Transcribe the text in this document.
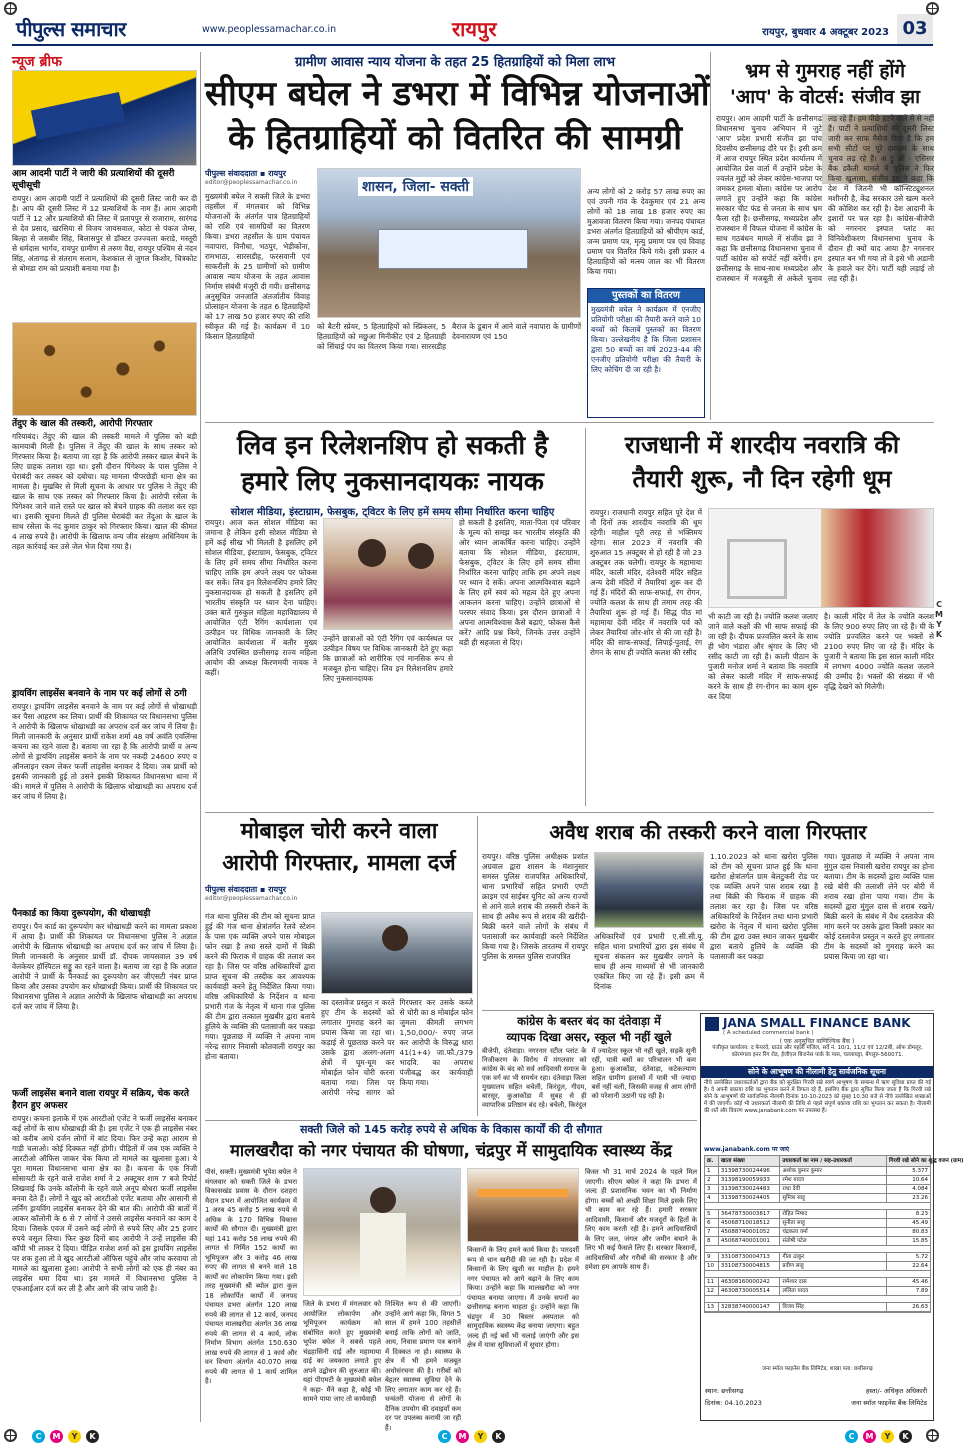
पीपुल्स समाचार	www.peoplessamachar.co.in	रायपुर	रायपुर, बुधवार 4 अक्टूबर 2023 03
न्यूज ब्रीफ
आम आदमी पार्टी ने जारी की प्रत्याशियों की दूसरी सूचीसूची
रायपुर। आम आदमी पार्टी ने प्रत्याशियों की दूसरी लिस्ट जारी कर दी है। आप की दूसरी लिस्ट में 12 प्रत्याशियों के नाम हैं। आम आदमी पार्टी ने 12 और प्रत्याशियों की लिस्ट में प्रतापपुर से राजाराम, सारंगढ़ से देव प्रसाद, खरसिया से विजय जायसवाल, कोटा से पंकज जेम्स, बिल्हा से जसबीर सिंह, बिलासपुर से डॉक्टर उज्ज्वला कराड़े, मस्तूरी से धर्मदास भार्गव, रायपुर ग्रामीण से तरुण वैद्य, रायपुर पश्चिम से नंदन सिंह, अंतागढ़ से संतराम सलाम, केशकाल से जुगल किशोर, चित्रकोट से बोमडा राम को प्रत्याशी बनाया गया है।
तेंदुए के खाल की तस्करी, आरोपी गिरफ्तार
गरियाबंद। तेंदुए की खाल की तस्करी मामले में पुलिस को बड़ी कामयाबी मिली है। पुलिस ने तेंदुए की खाल के साथ तस्कर को गिरफ्तार किया है। बताया जा रहा है कि आरोपी तस्कर खाल बेचने के लिए ग्राहक तलाश रहा था। इसी दौरान पिंगेश्वर के पास पुलिस ने घेराबंदी कर तस्कर को दबोचा। यह मामला पीपरछेड़ी थाना क्षेत्र का मामला है। मुखबिर से मिली सूचना के आधार पर पुलिस ने तेंदुए की खाल के साथ एक तस्कर को गिरफ्तार किया है। आरोपी रसेला के पिंगेश्वर जाने वाले रास्ते पर खाल को बेचने ग्राहक की तलाश कर रहा था। इसकी सूचना मिलते ही पुलिस घेराबंदी कर तेंदुआ के खाल के साथ रसेला के नंद कुमार ठाकुर को गिरफ्तार किया। खाल की कीमत 4 लाख रुपये है। आरोपी के खिलाफ वन्य जीव संरक्षण अधिनियम के तहत कार्रवाई कर उसे जेल भेज दिया गया है।
ड्रायविंग लाइसेंस बनवाने के नाम पर कई लोगों से ठगी
रायपुर। ड्रायविंग लाइसेंस बनवाने के नाम पर कई लोगों से धोखाधड़ी कर पैसा आहरण कर लिया। प्रार्थी की शिकायत पर विधानसभा पुलिस ने आरोपी के खिलाफ धोखाधड़ी का अपराध दर्ज कर जांच में लिया है। मिली जानकारी के अनुसार प्रार्थी राकेश शर्मा 48 वर्ष अवंति एवलिंग्स कचना का रहने वाला है। बताया जा रहा है कि आरोपी प्रार्थी व अन्य लोगों से ड्रायविंग लाइसेंस बनाने के नाम पर नकदी 24600 रुपए व ऑनलाइन रकम लेकर फर्जी लाइसेंस बनाकर दे दिया। जब प्रार्थी को इसकी जानकारी हुई तो उसने इसकी शिकायत विधानसभा थाना में की। मामले में पुलिस ने आरोपी के खिलाफ धोखाधड़ी का अपराध दर्ज कर जांच में लिया है।
पैनकार्ड का किया दुरूपयोग, की धोखाधड़ी
रायपुर। पैन कार्ड का दुरूपयोग कर धोखाधड़ी करने का मामला प्रकाश में आया है। प्रार्थी की शिकायत पर विधानसभा पुलिस ने अज्ञात आरोपी के खिलाफ धोखाधड़ी का अपराध दर्ज कर जांच में लिया है। मिली जानकारी के अनुसार प्रार्थी डॉ. दीपक जायसवाल 39 वर्ष वेलकेयर हॉस्पिटल सड्डू का रहने वाला है। बताया जा रहा है कि अज्ञात आरोपी ने प्रार्थी के पैनकार्ड का दुरूपयोग कर जीएसटी नंबर प्राप्त किया और उसका उपयोग कर धोखाधड़ी किया। प्रार्थी की शिकायत पर विधानसभा पुलिस ने अज्ञात आरोपी के खिलाफ धोखाधड़ी का अपराध दर्ज कर जांच में लिया है।
फर्जी लाइसेंस बनाने वाला रायपुर में सक्रिय, चेक करते हैरान हुए अफसर
रायपुर। कचना इलाके में एक आरटीओ एजेंट ने फर्जी लाइसेंस बनाकर कई लोगों के साथ धोखाधड़ी की है। इस एजेंट ने एक ही लाइसेंस नंबर को करीब आधे दर्जन लोगों में बांट दिया। फिर उन्हें कहा आराम से गाड़ी चलाओ। कोई दिक्कत नहीं होगी। पीड़ितों में जब एक व्यक्ति ने आरटीओ ऑफिस जाकर चेक किया तो मामले का खुलासा हुआ। ये पूरा मामला विधानसभा थाना क्षेत्र का है। कचना के एक निजी सोसायटी के रहने वाले राजेश शर्मा ने 2 अक्टूबर शाम 7 बजे रिपोर्ट लिखवाई कि उनके कॉलोनी के रहने वाले अनूप बोधरा फर्जी लाइसेंस बनवा देते हैं। लोगों ने खुद को आरटीओ एजेंट बताया और आसानी से लर्निंग ड्रायविंग लाइसेंस बनाकर देने की बात की। आरोपी की बातों में आकर कॉलोनी के 6 से 7 लोगों ने उससे लाइसेंस बनवाने का काम दे दिया। जिसके एवज में उसने कई लोगों से रुपये लिए और 25 हजार रुपये वसूल लिया। फिर कुछ दिनों बाद आरोपी ने उन्हें लाइसेंस की कॉपी भी लाकर दे दिया। पीड़ित राजेश शर्मा को इस ड्रायविंग लाइसेंस पर शक हुआ तो वे खुद आरटीओ ऑफिस पहुंचे और जांच करवाया तो मामले का खुलासा हुआ। आरोपी ने सभी लोगों को एक ही नंबर का लाइसेंस थमा दिया था। इस मामले में विधानसभा पुलिस ने एफआईआर दर्ज कर ली है और आगे की जांच जारी है।
ग्रामीण आवास न्याय योजना के तहत 25 हितग्राहियों को मिला लाभ
सीएम बघेल ने डभरा में विभिन्न योजनाओं
के हितग्राहियों को वितरित की सामग्री
पीपुल्स संवाददाता ▪ रायपुर
editor@peoplessamachar.co.in
मुख्यमंत्री बघेल ने सक्ती जिले के डभरा तहसील में मंगलवार को विभिन्न योजनाओं के अंतर्गत पात्र हितग्राहियों को राशि एवं सामग्रियों का वितरण किया। डभरा तहसील के ग्राम पंचायत नवापारा, विनौधा, भठपुर, भेड़ीकोना, रामभाठा, सारसडीह, फरसवानी एवं साकरौली के 25 ग्रामीणों को ग्रामीण आवास न्याय योजना के तहत आवास निर्माण संबंधी मंजूरी दी गयी। छत्तीसगढ़ अनुसूचित जनजाति अंतर्जातीय विवाह प्रोत्साहन योजना के तहत 6 हितग्राहियों को 17 लाख 50 हजार रुपए की राशि स्वीकृत की गई है। कार्यक्रम में 10 किसान हितग्राहियों
शासन, जिला- सक्ती
को बैटरी स्प्रेयर, 5 हितग्राहियों को स्प्रिंकलर, 5 हितग्राहियों को मछुआ मिनीकीट एवं 2 हितग्राही को सिंचाई पंप का वितरण किया गया। सारसडीह बैराज के डूबान में आने वाले नवापारा के ग्रामीणों देवनारायण एवं 150
अन्य लोगों को 2 करोड़ 57 लाख रुपए का एवं उपनी गांव के देवकुमार एवं 21 अन्य लोगों को 18 लाख 18 हजार रुपए का मुआवजा वितरण किया गया। जनपद पंचायत डभरा अंतर्गत हितग्राहियों को श्रीपीएम कार्ड, जन्म प्रमाण पत्र, मृत्यु प्रमाण पत्र एवं विवाह प्रमाण पत्र वितरित किये गये। इसी प्रकार 4 हितग्राहियों को मत्स्य जाल का भी वितरण किया गया।
पुस्तकों का वितरण
मुख्यमंत्री बघेल ने कार्यक्रम में एनजीए प्रतियोगी परीक्षा की तैयारी करने वाले 10 बच्चों को किताबें पुस्तकों का वितरण किया। उल्लेखनीय है कि जिला प्रशासन द्वारा 50 बच्चों का वर्ष 2023-44 की एनजीए प्रतियोगी परीक्षा की तैयारी के लिए कोचिंग दी जा रही है।
भ्रम से गुमराह नहीं होंगे
'आप' के वोटर्स: संजीव झा
रायपुर। आम आदमी पार्टी के छत्तीसगढ़ विधानसभा चुनाव अभियान में जुटे 'आप' प्रदेश प्रभारी संजीव झा पांच दिवसीय छत्तीसगढ़ दौरे पर हैं। इसी क्रम में आज रायपुर स्थित प्रदेश कार्यालय में आयोजित प्रेस वार्ता में उन्होंने प्रदेश के ज्वलंत मुद्दों को लेकर कांग्रेस-भाजपा पर जमकर हमला बोला। कांग्रेस पर आरोप लगाते हुए उन्होंने कहा कि कांग्रेस सरकार चीट फंड से जनता के साथ भ्रम फैला रही है। छत्तीसगढ़, मध्यप्रदेश और राजस्थान में विफल योजना में कांग्रेस के साथ गठबंधन मामले में संजीव झा ने कहा कि छत्तीसगढ़ विधानसभा चुनाव में पार्टी कांग्रेस को सपोर्ट नहीं करेगी। हम छत्तीसगढ़ के साथ-साथ मध्यप्रदेश और राजस्थान में मजबूती से अकेले चुनाव लड़ रहे हैं। हम पीछे हटने वाले में से नहीं हैं। पार्टी ने प्रत्याशियों की दूसरी लिस्ट जारी कर साफ मैसेज दिया है कि हम सभी सीटों पर पूरे दमखम के साथ चुनाव लड़ रहे हैं। अ ट्रू श्री - एसिसर बैंक डकैती मामले में पुलिस ने फिर किया खुलासा, संजीव झा ने कहा कि देश में जितनी भी कॉन्स्टिट्यूशनल मशीनरी है, केंद्र सरकार उसे खत्म करने की कोशिश कर रही है। देश आदानी के इशारों पर चल रहा है। कांग्रेस-बीजेपी को नगरनार इस्पात प्लांट का विनिवेशीकरण विधानसभा चुनाव के दौरान ही क्यों याद आया है? नगरनार इस्पात बन भी गया तो वे इसे भी अडानी के हवाले कर देंगे। पार्टी यही लड़ाई तो लड़ रही है।
लिव इन रिलेशनशिप हो सकती है
हमारे लिए नुकसानदायकः नायक
सोशल मीडिया, इंस्टाग्राम, फेसबुक, ट्विटर के लिए हमें समय सीमा निर्धारित करना चाहिए
रायपुर। आज कल सोशल मीडिया का जमाना है लेकिन इसी सोशल मीडिया से हमें कई सीख भी मिलती है इसलिए हमें सोशल मीडिया, इंस्टाग्राम, फेसबुक, ट्विटर के लिए हमें समय सीमा निर्धारित करना चाहिए ताकि हम अपने लक्ष्य पर फोकस कर सकें। लिव इन रिलेशनशिप हमारे लिए नुकसानदायक हो सकती है इसलिए हमें भारतीय संस्कृति पर ध्यान देना चाहिए। उक्त बातें गुरुकुल महिला महाविद्यालय में आयोजित एंटी रैगिंग कार्यशाला एवं उत्पीड़न पर विधिक जानकारी के लिए आयोजित कार्यशाला में बतौर मुख्य अतिथि उपस्थित छत्तीसगढ़ राज्य महिला आयोग की अध्यक्ष किरणमयी नायक ने कहीं।
उन्होंने छात्राओं को एंटी रैगिंग एवं कार्यस्थल पर उत्पीड़न विषय पर विधिक जानकारी देते हुए कहा कि छात्राओं को शारीरिक एवं मानसिक रूप से मजबूत होना चाहिए। लिव इन रिलेशनशिप हमारे लिए नुकसानदायक
हो सकती है इसलिए, माता-पिता एवं परिवार के मूल्य को समझ कर भारतीय संस्कृति की ओर ध्यान आकर्षित करना चाहिए। उन्होंने बताया कि सोशल मीडिया, इंस्टाग्राम, फेसबुक, ट्विटर के लिए हमें समय सीमा निर्धारित करना चाहिए ताकि हम अपने लक्ष्य पर ध्यान दे सकें। अपना आत्मविश्वास बढ़ाने के लिए हमें स्वयं को महत्व देते हुए अपना आकलन करना चाहिए। उन्होंने छात्राओं से परस्पर संवाद किया। इस दौरान छात्राओं ने अपना आत्मविश्वास कैसे बढ़ाएं, फोकस कैसे करें? आदि प्रश्न किये, जिनके उत्तर उन्होंने बड़ी ही सहजता से दिए।
राजधानी में शारदीय नवरात्रि की
तैयारी शुरू, नौ दिन रहेगी धूम
रायपुर। राजधानी रायपुर सहित पूरे देश में नौ दिनों तक शारदीय नवरात्रि की धूम रहेगी। माहौल पूरी तरह से भक्तिमय रहेगा। साल 2023 में नवरात्रि की शुरुआत 15 अक्टूबर से हो रही है जो 23 अक्टूबर तक चलेगी। रायपुर के महामाया मंदिर, काली मंदिर, दंतेश्वरी मंदिर सहित अन्य देवी मंदिरों में तैयारियां शुरू कर दी गई हैं। मंदिरों की साफ-सफाई, रंग रोगन, ज्योति कलश के साथ ही तमाम तरह की तैयारियां शुरू हो गई हैं। सिद्ध पीठ मां महामाया देवी मंदिर में नवरात्रि पर्व को लेकर तैयारियां जोर-शोर से की जा रही है। मंदिर की साफ-सफाई, लिपाई-पुताई, रंग रोगन के साथ ही ज्योति कलश की रसीद
भी काटी जा रही है। ज्योति कलश जलाए जाने वाले कक्षों की भी साफ सफाई की जा रही है। दीपक प्रज्वलित करने के साथ ही भोग भंडारा और श्रृंगार के लिए भी रसीद काटी जा रही है। काली पीठान के पुजारी मनोज शर्मा ने बताया कि नवरात्रि को लेकर काली मंदिर में साफ-सफाई करने के साथ ही रंग-रोगन का काम शुरू कर दिया
है। काली मंदिर में तेल के ज्योति कलश के लिए 900 रुपए लिए जा रहे हैं। घी के ज्योति प्रज्वलित करने पर भक्तों से 2100 रुपए लिए जा रहे हैं। मंदिर के पुजारी ने बताया कि इस साल काली मंदिर में लगभग 4000 ज्योति कलश जलाने की उम्मीद है। भक्तों की संख्या में भी वृद्धि देखने को मिलेगी।
C
M
Y
K
मोबाइल चोरी करने वाला
आरोपी गिरफ्तार, मामला दर्ज
पीपुल्स संवाददाता ▪ रायपुर
editor@peoplessamachar.co.in
गंज थाना पुलिस की टीम को सूचना प्राप्त हुई की गंज थाना क्षेत्रांतर्गत रेलवे स्टेशन के पास एक व्यक्ति अपने पास मोबाइल फोन रखा है तथा सस्ते दामों में बिक्री करने की फिराक में ग्राहक की तलाश कर रहा है। जिस पर वरिष्ठ अधिकारियों द्वारा प्राप्त सूचना की तस्दीक कर आवश्यक कार्यवाही करने हेतु निर्देशित किया गया। वरिष्ठ अधिकारियों के निर्देशन व थाना प्रभारी गंज के नेतृत्व में थाना गंज पुलिस की टीम द्वारा तत्काल मुखबीर द्वारा बताये हुलिये के व्यक्ति की पतासाजी कर पकड़ा गया। पूछताछ में व्यक्ति ने अपना नाम नरेन्द्र सागर निवासी कोतवाली रायपुर का होना बताया।
का दस्तावेज प्रस्तुत न करते हुए टीम के सदस्यों को लगातार गुमराह करने का प्रयास किया जा रहा था। कड़ाई से पूछताछ करने पर उसके द्वारा अलग-अलग क्षेत्रों में घूम-घूम कर मोबाईल फोन चोरी करना बताया गया। जिस पर आरोपी नरेन्द्र सागर को गिरफ्तार कर उसके कब्जे से चोरी का 8 मोबाईल फोन जुमला कीमती लगभग 1,50,000/- रुपए जप्त कर आरोपी के विरुद्ध धारा 41(1+4) जा.फौ./379 भादवि. का अपराध पंजीबद्ध कर कार्यवाही किया गया।
अवैध शराब की तस्करी करने वाला गिरफ्तार
रायपुर। वरिष्ठ पुलिस अधीक्षक प्रशांत अग्रवाल द्वारा शासन के मंशानुसार समस्त पुलिस राजपत्रित अधिकारियों, थाना प्रभारियों सहित प्रभारी एण्टी क्राइम एवं साईबर यूनिट को अन्य राज्यों से आने वाले शराब की तस्करी रोकने के साथ ही अवैध रूप से शराब की खरीदी-बिक्री करने वाले लोगों के संबंध में पतासाजी कर कार्यवाही करने निर्देशित किया गया है। जिसके तारतम्य में रायपुर पुलिस के समस्त पुलिस राजपत्रित
अधिकारियों एवं प्रभारी ए.सी.सी.यू. सहित थाना प्रभारियों द्वारा इस संबंध में सूचना संकलन कर मुखबीर लगाने के साथ ही अन्य माध्यमों से भी जानकारी एकत्रित किए जा रहे हैं। इसी क्रम में दिनांक
1.10.2023 को थाना खरोरा पुलिस को टीम को सूचना प्राप्त हुई कि थाना खरोरा क्षेत्रांतर्गत ग्राम बेलटुकरी रोड पर एक व्यक्ति अपने पास शराब रखा है तथा बिक्री की फिराक में ग्राहक की तलाश कर रहा है। जिस पर वरिष्ठ अधिकारियों के निर्देशन तथा थाना प्रभारी खरोरा के नेतृत्व में थाना खरोरा पुलिस की टीम द्वारा उक्त स्थान जाकर मुखबीर द्वारा बताये हुलिये के व्यक्ति की पतासाजी कर पकड़ा
गया। पूछताछ में व्यक्ति ने अपना नाम मुंगुल दास निवासी खरोरा रायपुर का होना बताया। टीम के सदस्यों द्वारा व्यक्ति पास रखे बोरी की तलाशी लेने पर बोरी में शराब रखा होना पाया गया। टीम के सदस्यों द्वारा मुंगुल दास से शराब रखने/बिक्री करने के संबंध में वैध दस्तावेज की मांग करने पर उसके द्वारा किसी प्रकार का कोई दस्तावेज प्रस्तुत न करते हुए लगातार टीम के सदस्यों को गुमराह करने का प्रयास किया जा रहा था।
कांग्रेस के बस्तर बंद का दंतेवाड़ा में
व्यापक दिखा असर, स्कूल भी नहीं खुले
बीजेपी, दंतेवाड़ा। नगरनार स्टील प्लांट के निजीकरण के विरोध में मंगलवार को कांग्रेस के बंद को सर्व आदिवासी समाज के एक वर्ग का भी समर्थन रहा। दंतेवाड़ा जिला मुख्यालय सहित बचेली, किरंदुल, गीदम, बारसूर, कुआकोंडा में सुबह से ही व्यापारिक प्रतिष्ठान बंद रहे। बचेली, किरंदुल में ज्यादेतर स्कूल भी नहीं खुले, सड़कें सूनी रहीं, यात्री बसों का परिचालन भी कम हुआ। कुआकोंडा, दंतेवाड़ा, कटेकल्याण सहित ग्रामीण इलाकों में यात्री भी ज्यादा बसें नहीं चली, जिसकी वजह से आम लोगों को परेशानी उठानी पड़ रही है।
JANA SMALL FINANCE BANK
( A scheduled commercial bank )
( एक अनुसूचित वाणिज्यिक बैंक )
पंजीकृत कार्यालय: द फेयरवे, ग्राउंड और पहली मंजिल, सर्वे नं. 10/1, 11/2 एवं 12/2बी, ऑफ डोमलूर, कोरमंगला इनर रिंग रोड, ईजीएल बिजनेस पार्क के पास, चल्लाघट्टा, बेंगलुरु-560071.
सोने के आभूषण की नीलामी हेतु सार्वजनिक सूचना
नीचे उल्लेखित उधारकर्ताओं द्वारा बैंक को सुरक्षित गिरवी रखे स्वर्ण आभूषण के सम्बन्ध में ऋण सुविधा प्राप्त की गई है। वे अपनी बकाया राशि का भुगतान करने में विफल रहे हैं, इसलिए बैंक द्वारा सूचित किया जाता है कि गिरवी रखे सोने के आभूषणों की सार्वजनिक नीलामी दिनांक 10-10-2023 को सुबह 10.30 बजे से नीचे उल्लेखित शाखाओं में की जाएगी। कोई भी उधारकर्ता नीलामी की तिथि से पहले संपूर्ण बकाया राशि का भुगतान कर सकता है। नीलामी की शर्तें और विवरण www.janabank.com पर उपलब्ध हैं।
www.janabank.com पर जाएं
क्र.	खाता संख्या	उधारकर्ता का नाम / सह-उधारकर्ता	गिरवी रखे सोने का शुद्ध वजन (ग्राम)
1	31398730024496	अशोक कुमार कुमार	5.377
2	31398190059933	रमेश यादव	10.64
3	31398730024483	राधा देवी	4.084
4	31398730024405	सुमित्रा साहू	23.26
5	36478730003817	रोहित निषाद	8.23
6	45068710018512	सुनीता साहू	45.49
7	45088740001052	चंद्रकला वर्मा	80.83
8	45068740001001	संतोषी पटेल	15.85
9	33108730004713	गीता ठाकुर	5.72
10	33108730004815	प्रवीण साहू	22.64
11	46308160000242	रामेश्वर दास	45.46
12	46308730005514	ललिता यादव	7.89
13	32838740000147	विजय सिंह	26.63
जना स्मॉल फाइनेंस बैंक लिमिटेड, शाखा पता: छत्तीसगढ़
स्थान: छत्तीसगढ़
दिनांक: 04.10.2023
हस्ता/- अधिकृत अधिकारी
जना स्मॉल फाइनेंस बैंक लिमिटेड
सक्ती जिले को 145 करोड़ रुपये से अधिक के विकास कार्यों की दी सौगात
मालखरौदा को नगर पंचायत की घोषणा, चंद्रपुर में सामुदायिक स्वास्थ्य केंद्र
पीसं, सक्ती। मुख्यमंत्री भूपेश बघेल ने मंगलवार को सक्ती जिले के डभरा विकासखंड प्रवास के दौरान दशहरा मैदान डभरा में आयोजित कार्यक्रम में 1 अरब 45 करोड़ 5 लाख रुपये से अधिक के 170 विभिन्न विकास कार्यों की सौगात दी। मुख्यमंत्री द्वारा यहां 141 करोड़ 58 लाख रुपये की लागत से निर्मित 152 कार्यों का भूमिपूजन और 3 करोड़ 46 लाख रुपए की लागत से बनने वाले 18 कार्यों का लोकार्पण किया गया। इसी तरह मुख्यमंत्री श्री ब्योल द्वारा कुल 18 लोकार्पित कार्यों में जनपद पंचायत डभरा अंतर्गत 120 लाख रुपये की लागत से 12 कार्य, जनपद पंचायत मालखरौदा अंतर्गत 36 लाख रुपये की लागत से 4 कार्य, लोक निर्माण विभाग अंतर्गत 150.630 लाख रुपये की लागत से 1 कार्य और वन विभाग अंतर्गत 40.070 लाख रुपये की लागत से 1 कार्य शामिल है।
जिले के डभरा में मंगलवार को आयोजित लोकार्पण और भूमिपूजन कार्यक्रम को संबोधित करते हुए मुख्यमंत्री भूपेश बघेल ने सबसे पहले चंद्रहासिनी दाई और महामाया दाई का जयकारा लगाते हुए अपने उद्बोधन की शुरुआत की। यहां पीएमटी के मुख्यमंत्री बघेल ने कहा- मैंने कहा है, कोई भी सामने पाया जाए तो कार्यवाही
निश्चित रूप से की जाएगी। उन्होंने आगे कहा कि, विगत 5 साल में हमने 100 तहसीलें बनाई ताकि लोगों को जाति, आय, निवास प्रमाण पत्र बनाने में दिक्कत ना हो। स्वास्थ्य के क्षेत्र में भी हमने मजबूत अधोसंरचना की है। गरीबों को बेहतर स्वास्थ्य सुविधा देने के लिए लगातार काम कर रहे हैं। धन्वंतरी योजना से लोगों के दैनिक उपयोग की दवाइयाँ कम दर पर उपलब्ध करायी जा रही हैं।
किसानों के लिए हमने कार्य किया है। पारदर्शी रूप से धान खरीदी की जा रही है। प्रदेश में किसानों के लिए खुशी का माहौल है। हमने नगर पंचायत को आगे बढ़ाने के लिए काम किया। उन्होंने कहा कि मालखरौदा को नगर पंचायत बनाया जाएगा। मैं उनके सपनों का छत्तीसगढ़ बनाना चाहता हूं। उन्होंने कहा कि चंद्रपुर में 30 बिस्तर अस्पताल को सामुदायिक स्वास्थ्य केंद्र बनाया जाएगा। बहुत जल्द ही नई बसें भी चलाई जाएंगी और इस क्षेत्र में यात्रा सुविधाओं में सुधार होगा।
किस्त भी 31 मार्च 2024 के पहले मिल जाएगी। सीएम बघेल ने कहा कि डभरा में जल्द ही प्रशासनिक भवन का भी निर्माण होगा। बच्चों को अच्छी शिक्षा मिले इसके लिए भी काम कर रहे हैं। हमारी सरकार आदिवासी, किसानों और मजदूरों के हितों के लिए काम करती रही है। हमने आदिवासियों के लिए जल, जंगल और जमीन बचाने के लिए भी कई फैसले लिए हैं। सरकार किसानों, आदिवासियों और गरीबों की सरकार है और हमेशा हम आपके साथ हैं।
C	M	Y	K	C	M	Y	K	C	M	Y	K
